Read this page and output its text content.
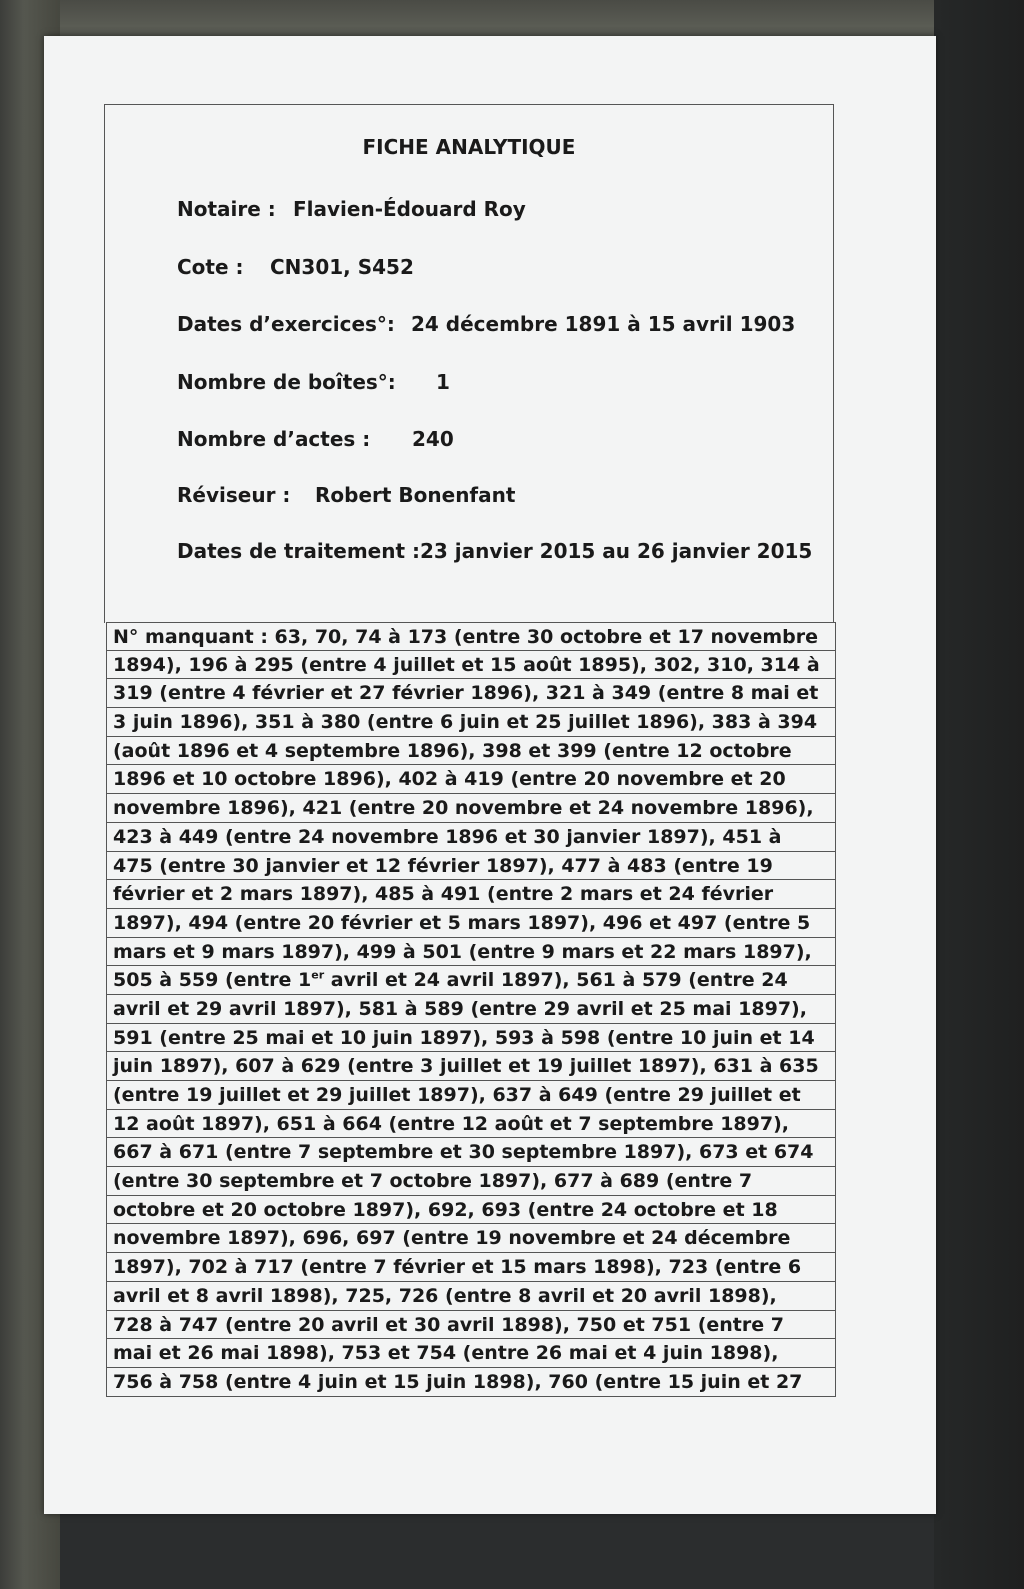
FICHE ANALYTIQUE
Notaire : Flavien-Édouard Roy
Cote : CN301, S452
Dates d’exercices°: 24 décembre 1891 à 15 avril 1903
Nombre de boîtes°: 1
Nombre d’actes : 240
Réviseur : Robert Bonenfant
Dates de traitement : 23 janvier 2015 au 26 janvier 2015
N° manquant : 63, 70, 74 à 173 (entre 30 octobre et 17 novembre
1894), 196 à 295 (entre 4 juillet et 15 août 1895), 302, 310, 314 à
319 (entre 4 février et 27 février 1896), 321 à 349 (entre 8 mai et
3 juin 1896), 351 à 380 (entre 6 juin et 25 juillet 1896), 383 à 394
(août 1896 et 4 septembre 1896), 398 et 399 (entre 12 octobre
1896 et 10 octobre 1896), 402 à 419 (entre 20 novembre et 20
novembre 1896), 421 (entre 20 novembre et 24 novembre 1896),
423 à 449 (entre 24 novembre 1896 et 30 janvier 1897), 451 à
475 (entre 30 janvier et 12 février 1897), 477 à 483 (entre 19
février et 2 mars 1897), 485 à 491 (entre 2 mars et 24 février
1897), 494 (entre 20 février et 5 mars 1897), 496 et 497 (entre 5
mars et 9 mars 1897), 499 à 501 (entre 9 mars et 22 mars 1897),
505 à 559 (entre 1er avril et 24 avril 1897), 561 à 579 (entre 24
avril et 29 avril 1897), 581 à 589 (entre 29 avril et 25 mai 1897),
591 (entre 25 mai et 10 juin 1897), 593 à 598 (entre 10 juin et 14
juin 1897), 607 à 629 (entre 3 juillet et 19 juillet 1897), 631 à 635
(entre 19 juillet et 29 juillet 1897), 637 à 649 (entre 29 juillet et
12 août 1897), 651 à 664 (entre 12 août et 7 septembre 1897),
667 à 671 (entre 7 septembre et 30 septembre 1897), 673 et 674
(entre 30 septembre et 7 octobre 1897), 677 à 689 (entre 7
octobre et 20 octobre 1897), 692, 693 (entre 24 octobre et 18
novembre 1897), 696, 697 (entre 19 novembre et 24 décembre
1897), 702 à 717 (entre 7 février et 15 mars 1898), 723 (entre 6
avril et 8 avril 1898), 725, 726 (entre 8 avril et 20 avril 1898),
728 à 747 (entre 20 avril et 30 avril 1898), 750 et 751 (entre 7
mai et 26 mai 1898), 753 et 754 (entre 26 mai et 4 juin 1898),
756 à 758 (entre 4 juin et 15 juin 1898), 760 (entre 15 juin et 27
